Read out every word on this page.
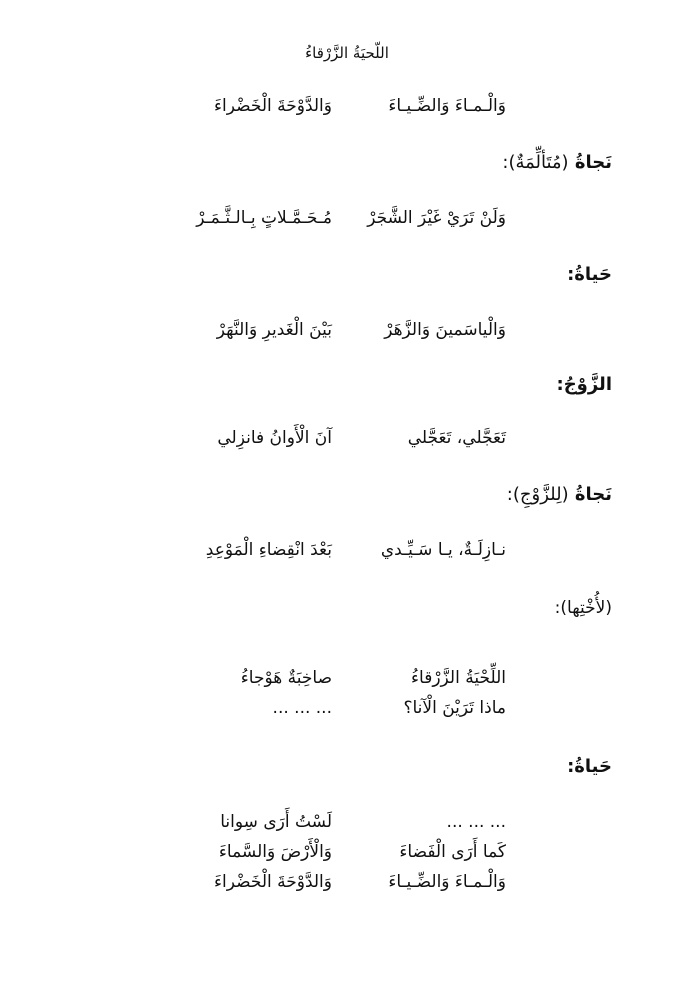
اللّحيَةُ الزَّرْقاءُ
وَالْـمـاءَ وَالضِّـيـاءَ
وَالدَّوْحَةَ الْخَضْراءَ
نَجاةُ (مُتَألِّمَةٌ):
وَلَنْ تَرَيْ غَيْرَ الشَّجَرْ
مُـحَـمَّـلاتٍ بِـالـثَّـمَـرْ
حَياةُ:
وَالْياسَمينَ وَالزَّهَرْ
بَيْنَ الْغَديرِ وَالنَّهَرْ
الزَّوْجُ:
تَعَجَّلي، تَعَجَّلي
آنَ الْأَوانُ فانزِلي
نَجاةُ (لِلزَّوْجِ):
نـازِلَـةٌ، يـا سَـيِّـدي
بَعْدَ انْقِضاءِ الْمَوْعِدِ
(لأُخْتِها):
اللِّحْيَةُ الزَّرْقاءُ
صاخِبَةٌ هَوْجاءُ
ماذا تَرَيْنَ الْآنا؟
... ... ...
حَياةُ:
... ... ...
لَسْتُ أَرَى سِوانا
كَما أَرَى الْفَضاءَ
وَالْأَرْضَ وَالسَّماءَ
وَالْـمـاءَ وَالضِّـيـاءَ
وَالدَّوْحَةَ الْخَضْراءَ
